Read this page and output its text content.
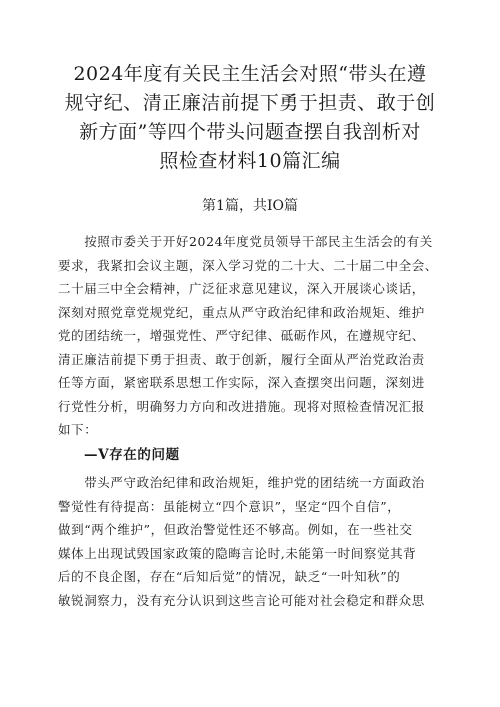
2024年度有关民主生活会对照“带头在遵
规守纪、清正廉洁前提下勇于担责、敢于创
新方面”等四个带头问题查摆自我剖析对
照检查材料10篇汇编
第1篇，共IO篇

　　按照市委关于开好2024年度党员领导干部民主生活会的有关
要求，我紧扣会议主题，深入学习党的二十大、二十届二中全会、
二十届三中全会精神，广泛征求意见建议，深入开展谈心谈话，
深刻对照党章党规党纪，重点从严守政治纪律和政治规矩、维护
党的团结统一，增强党性、严守纪律、砥砺作风，在遵规守纪、
清正廉洁前提下勇于担责、敢于创新，履行全面从严治党政治责
任等方面，紧密联系思想工作实际，深入查摆突出问题，深刻进
行党性分析，明确努力方向和改进措施。现将对照检查情况汇报
如下：

—V存在的问题

　　带头严守政治纪律和政治规矩，维护党的团结统一方面政治
警觉性有待提高：虽能树立“四个意识”，坚定“四个自信”，
做到“两个维护”，但政治警觉性还不够高。例如，在一些社交
媒体上出现试毁国家政策的隐晦言论时,未能第一时间察觉其背
后的不良企图，存在“后知后觉”的情况，缺乏“一叶知秋”的
敏锐洞察力，没有充分认识到这些言论可能对社会稳定和群众思
